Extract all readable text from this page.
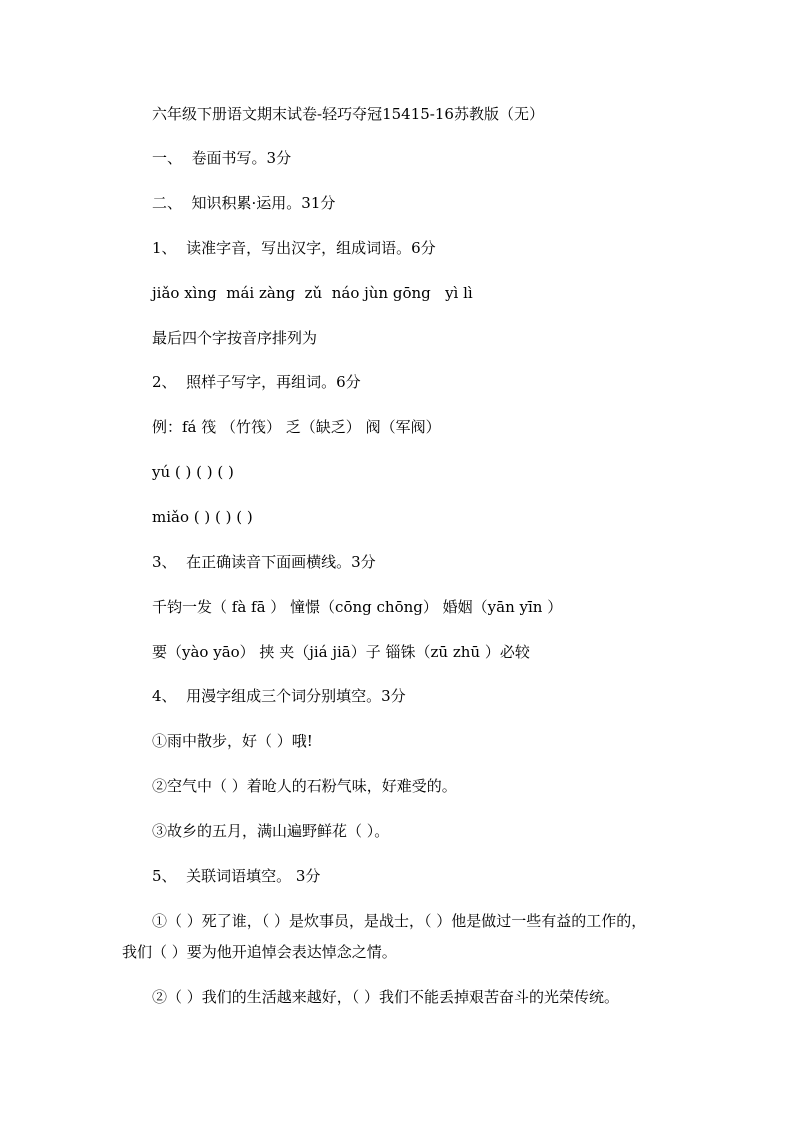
六年级下册语文期末试卷-轻巧夺冠15415-16苏教版（无）
一、  卷面书写。3分
二、  知识积累·运用。31分
1、  读准字音，写出汉字，组成词语。6分
jiǎo xìng  mái zàng  zǔ  náo jùn gōng   yì lì
最后四个字按音序排列为
2、  照样子写字，再组词。6分
例：fá 筏 （竹筏） 乏（缺乏） 阀（军阀）
yú ( ) ( ) ( )
miǎo ( ) ( ) ( )
3、  在正确读音下面画横线。3分
千钧一发（ fà fā ） 憧憬（cōng chōng） 婚姻（yān yīn ）
要（yào yāo） 挟 夹（jiá jiā）子 锱铢（zū zhū ）必较
4、  用漫字组成三个词分别填空。3分
①雨中散步，好（ ）哦!
②空气中（ ）着呛人的石粉气味，好难受的。
③故乡的五月，满山遍野鲜花（ ）。
5、  关联词语填空。 3分
①（ ）死了谁，（ ）是炊事员，是战士，（ ）他是做过一些有益的工作的，
我们（ ）要为他开追悼会表达悼念之情。
②（ ）我们的生活越来越好，（ ）我们不能丢掉艰苦奋斗的光荣传统。
